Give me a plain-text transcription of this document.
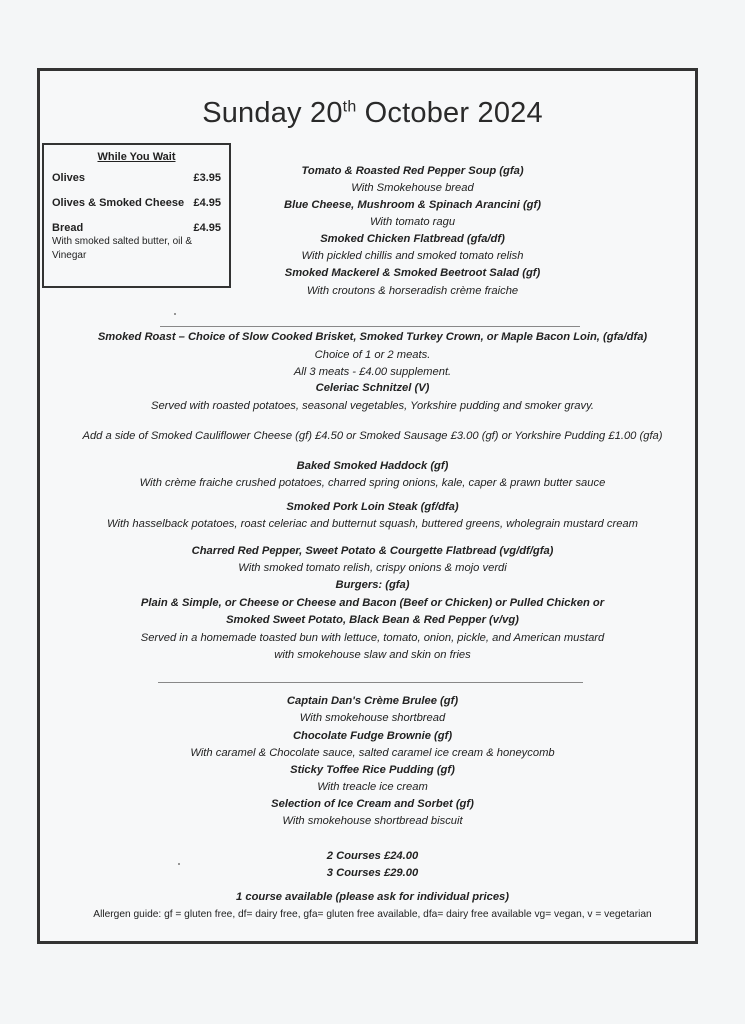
Sunday 20th October 2024
While You Wait
Olives	£3.95
Olives & Smoked Cheese £4.95
Bread	£4.95
With smoked salted butter, oil & Vinegar
Tomato & Roasted Red Pepper Soup (gfa)
With Smokehouse bread
Blue Cheese, Mushroom & Spinach Arancini (gf)
With tomato ragu
Smoked Chicken Flatbread (gfa/df)
With pickled chillis and smoked tomato relish
Smoked Mackerel & Smoked Beetroot Salad (gf)
With croutons & horseradish crème fraiche
Smoked Roast – Choice of Slow Cooked Brisket, Smoked Turkey Crown, or Maple Bacon Loin, (gfa/dfa)
Choice of 1 or 2 meats.
All 3 meats - £4.00 supplement.
Celeriac Schnitzel (V)
Served with roasted potatoes, seasonal vegetables, Yorkshire pudding and smoker gravy.
Add a side of Smoked Cauliflower Cheese (gf) £4.50 or Smoked Sausage £3.00 (gf) or Yorkshire Pudding £1.00 (gfa)
Baked Smoked Haddock (gf)
With crème fraiche crushed potatoes, charred spring onions, kale, caper & prawn butter sauce
Smoked Pork Loin Steak (gf/dfa)
With hasselback potatoes, roast celeriac and butternut squash, buttered greens, wholegrain mustard cream
Charred Red Pepper, Sweet Potato & Courgette Flatbread (vg/df/gfa)
With smoked tomato relish, crispy onions & mojo verdi
Burgers: (gfa)
Plain & Simple, or Cheese or Cheese and Bacon (Beef or Chicken) or Pulled Chicken or
Smoked Sweet Potato, Black Bean & Red Pepper (v/vg)
Served in a homemade toasted bun with lettuce, tomato, onion, pickle, and American mustard
with smokehouse slaw and skin on fries
Captain Dan's Crème Brulee (gf)
With smokehouse shortbread
Chocolate Fudge Brownie (gf)
With caramel & Chocolate sauce, salted caramel ice cream & honeycomb
Sticky Toffee Rice Pudding (gf)
With treacle ice cream
Selection of Ice Cream and Sorbet (gf)
With smokehouse shortbread biscuit
2 Courses £24.00
3 Courses £29.00
1 course available (please ask for individual prices)
Allergen guide: gf = gluten free, df= dairy free, gfa= gluten free available, dfa= dairy free available vg= vegan, v = vegetarian
